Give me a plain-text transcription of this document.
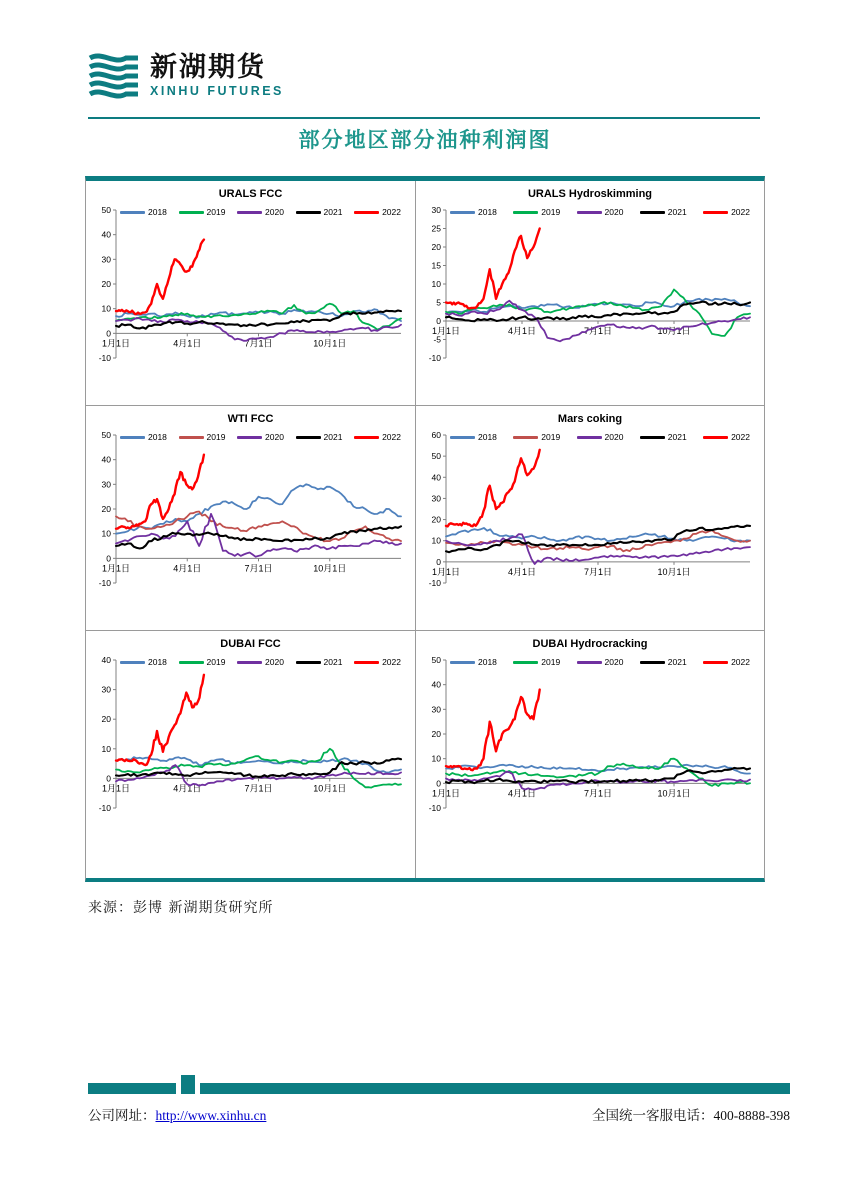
新湖期货
XINHU FUTURES
部分地区部分油种利润图
URALS FCC
2018	2019	2020	2021	2022
-10
0
10
20
30
40
50
1月1日	4月1日	7月1日	10月1日
URALS Hydroskimming
2018	2019	2020	2021	2022
-10
-5
0
5
10
15
20
25
30
1月1日	4月1日	7月1日	10月1日
WTI FCC
2018	2019	2020	2021	2022
-10
0
10
20
30
40
50
1月1日	4月1日	7月1日	10月1日
Mars coking
2018	2019	2020	2021	2022
-10
0
10
20
30
40
50
60
1月1日	4月1日	7月1日	10月1日
DUBAI FCC
2018	2019	2020	2021	2022
-10
0
10
20
30
40
1月1日	4月1日	7月1日	10月1日
DUBAI Hydrocracking
2018	2019	2020	2021	2022
-10
0
10
20
30
40
50
1月1日	4月1日	7月1日	10月1日
来源：彭博 新湖期货研究所
公司网址：http://www.xinhu.cn	全国统一客服电话：400-8888-398
